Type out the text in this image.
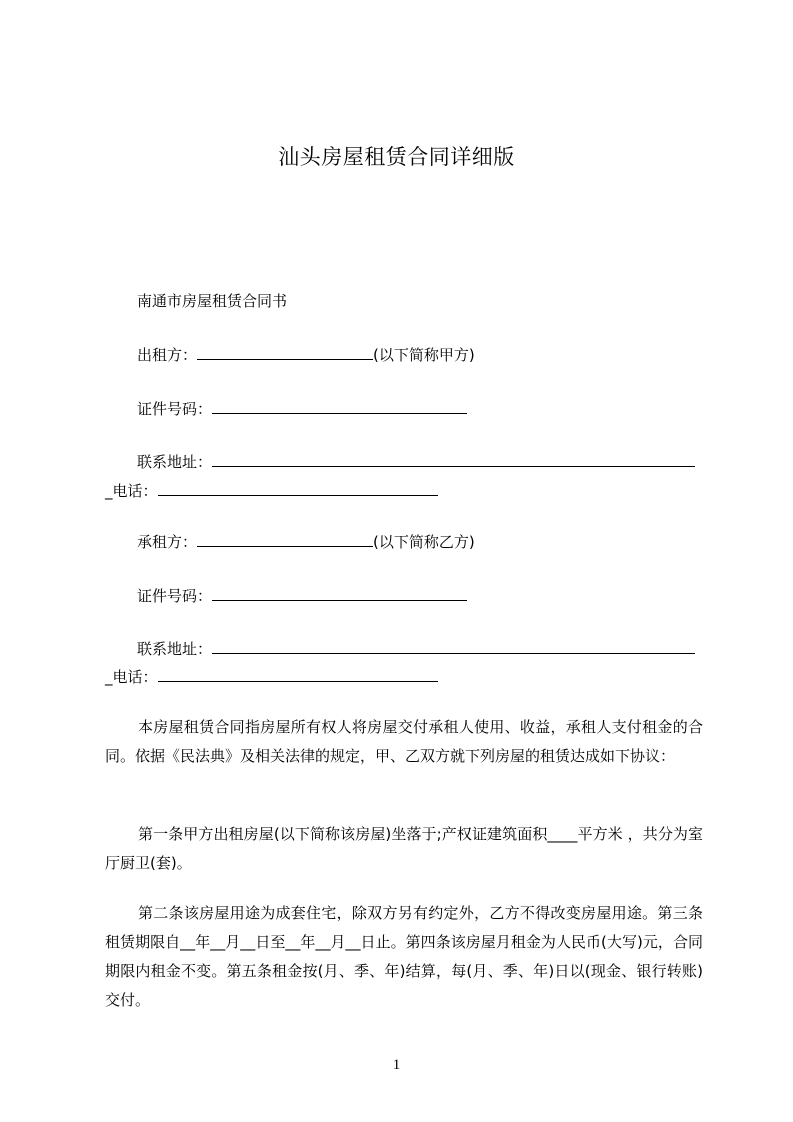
汕头房屋租赁合同详细版
南通市房屋租赁合同书
出租方：	(以下简称甲方)
证件号码：
联系地址：
_电话：
承租方：	(以下简称乙方)
证件号码：
联系地址：
_电话：
本房屋租赁合同指房屋所有权人将房屋交付承租人使用、收益，承租人支付租金的合同。依据《民法典》及相关法律的规定，甲、乙双方就下列房屋的租赁达成如下协议：
第一条甲方出租房屋(以下简称该房屋)坐落于;产权证建筑面积____平方米 ，共分为室厅厨卫(套)。
第二条该房屋用途为成套住宅，除双方另有约定外，乙方不得改变房屋用途。第三条租赁期限自__年__月__日至__年__月__日止。第四条该房屋月租金为人民币(大写)元，合同期限内租金不变。第五条租金按(月、季、年)结算，每(月、季、年)日以(现金、银行转账)交付。
1
